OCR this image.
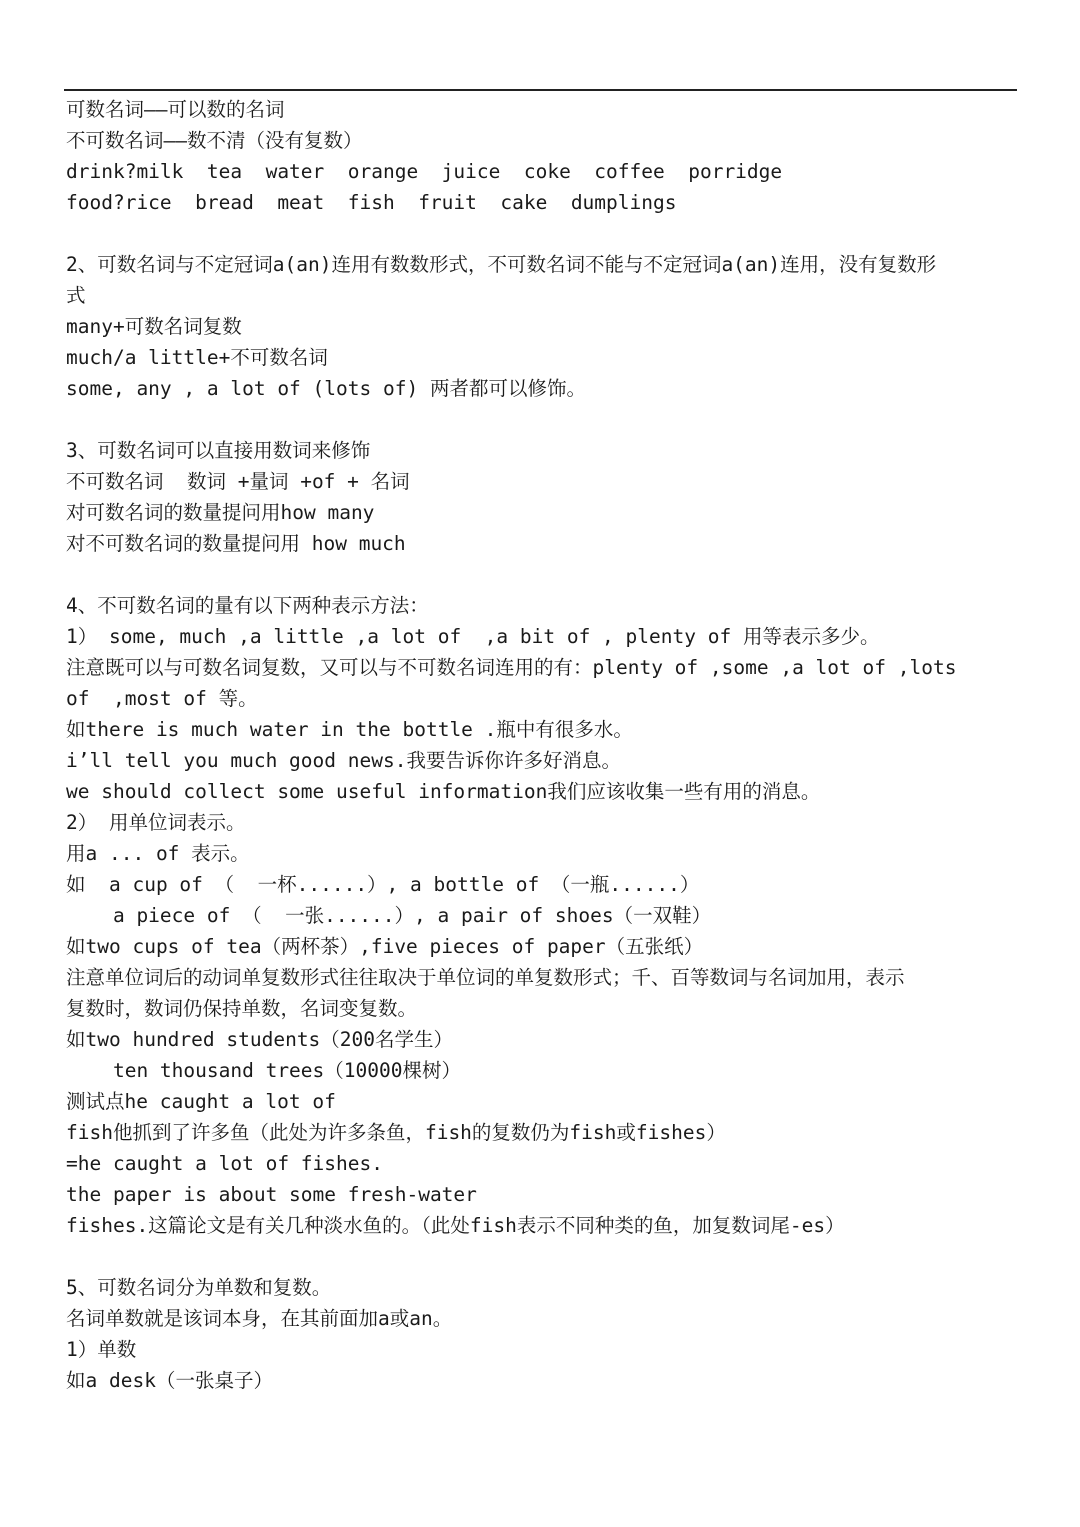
可数名词——可以数的名词
不可数名词——数不清（没有复数）
drink?milk  tea  water  orange  juice  coke  coffee  porridge
food?rice  bread  meat  fish  fruit  cake  dumplings
2、可数名词与不定冠词a(an)连用有数数形式，不可数名词不能与不定冠词a(an)连用，没有复数形
式
many+可数名词复数
much/a little+不可数名词
some, any , a lot of (lots of) 两者都可以修饰。
3、可数名词可以直接用数词来修饰
不可数名词  数词 +量词 +of + 名词
对可数名词的数量提问用how many
对不可数名词的数量提问用 how much
4、不可数名词的量有以下两种表示方法：
1） some, much ,a little ,a lot of  ,a bit of , plenty of 用等表示多少。
注意既可以与可数名词复数，又可以与不可数名词连用的有：plenty of ,some ,a lot of ,lots
of  ,most of 等。
如there is much water in the bottle .瓶中有很多水。
i’ll tell you much good news.我要告诉你许多好消息。
we should collect some useful information我们应该收集一些有用的消息。
2） 用单位词表示。
用a ... of 表示。
如  a cup of （  一杯......）, a bottle of （一瓶......）
a piece of （  一张......）, a pair of shoes（一双鞋）
如two cups of tea（两杯茶）,five pieces of paper（五张纸）
注意单位词后的动词单复数形式往往取决于单位词的单复数形式；千、百等数词与名词加用，表示
复数时，数词仍保持单数，名词变复数。
如two hundred students（200名学生）
ten thousand trees（10000棵树）
测试点he caught a lot of
fish他抓到了许多鱼（此处为许多条鱼，fish的复数仍为fish或fishes）
=he caught a lot of fishes.
the paper is about some fresh-water
fishes.这篇论文是有关几种淡水鱼的。（此处fish表示不同种类的鱼，加复数词尾-es）
5、可数名词分为单数和复数。
名词单数就是该词本身，在其前面加a或an。
1）单数
如a desk（一张桌子）
